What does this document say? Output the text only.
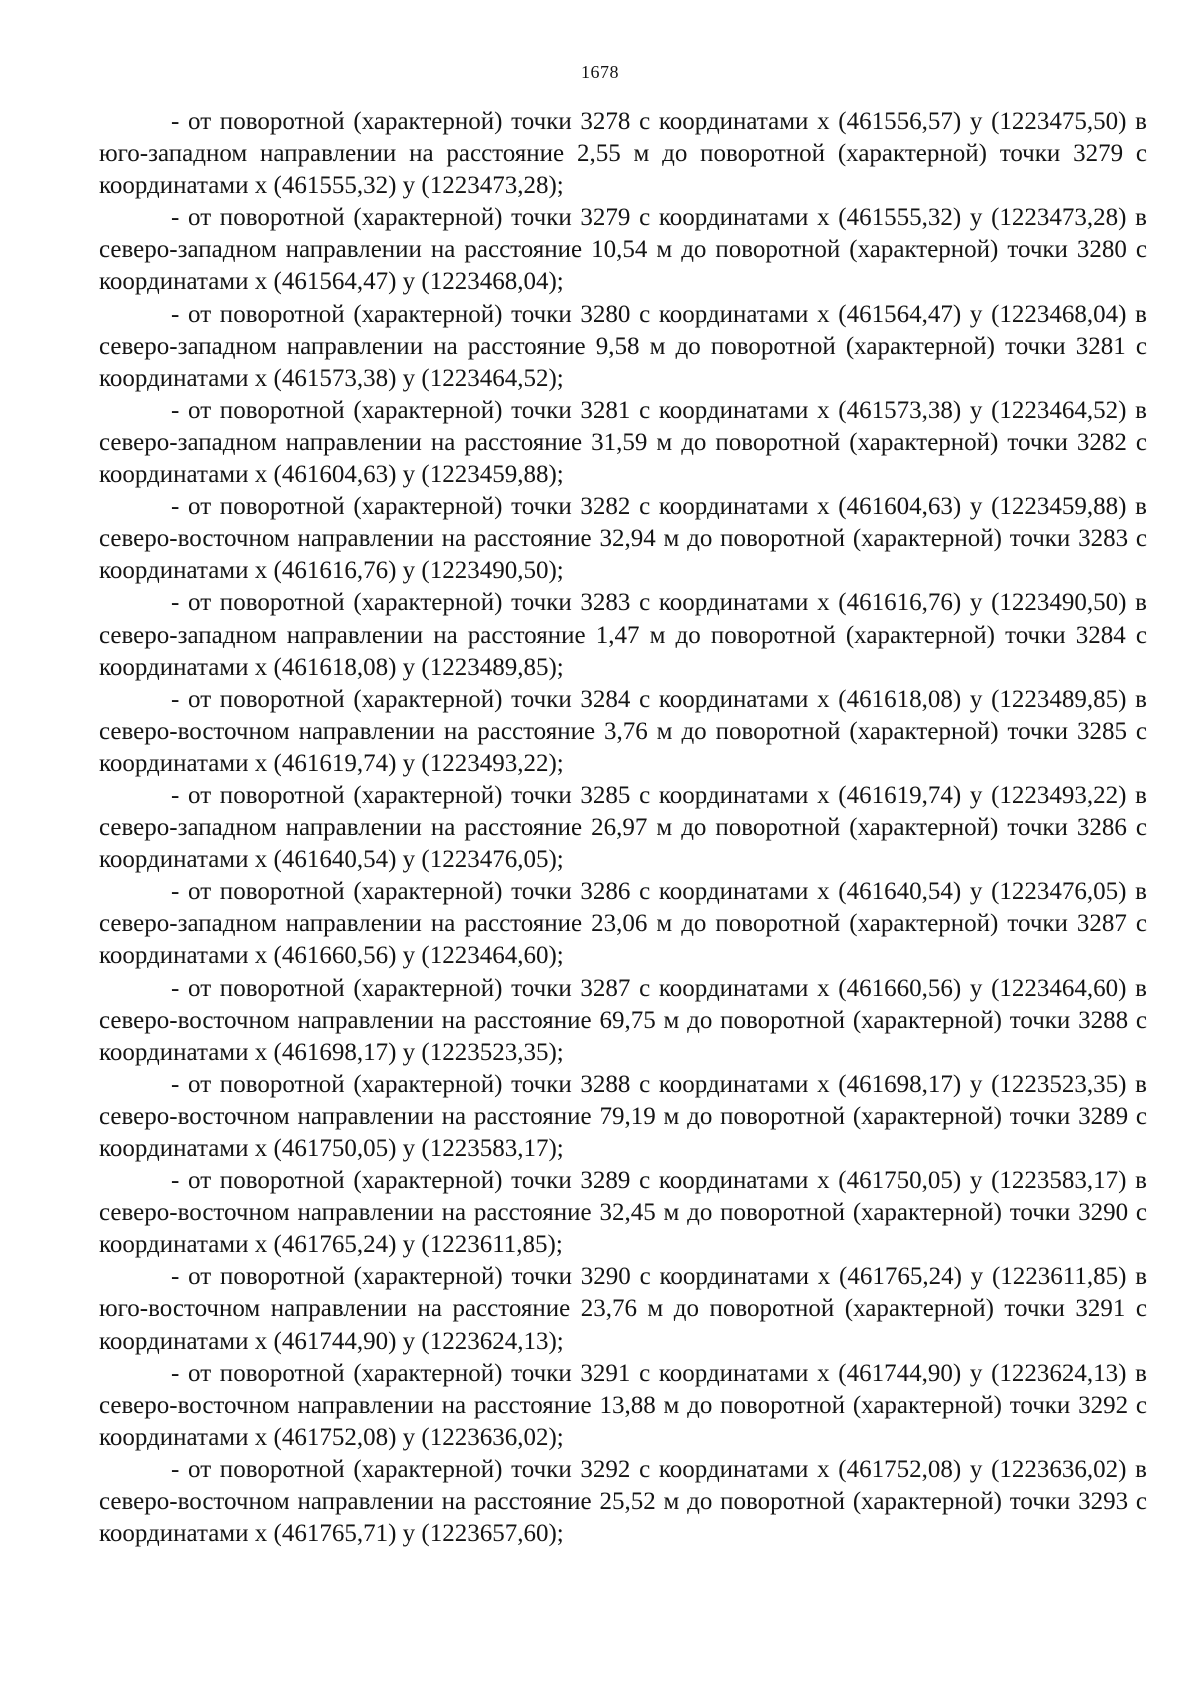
1678

- от поворотной (характерной) точки 3278 с координатами x (461556,57) y (1223475,50) в юго-западном направлении на расстояние 2,55 м до поворотной (характерной) точки 3279 с координатами x (461555,32) y (1223473,28);

- от поворотной (характерной) точки 3279 с координатами x (461555,32) y (1223473,28) в северо-западном направлении на расстояние 10,54 м до поворотной (характерной) точки 3280 с координатами x (461564,47) y (1223468,04);

- от поворотной (характерной) точки 3280 с координатами x (461564,47) y (1223468,04) в северо-западном направлении на расстояние 9,58 м до поворотной (характерной) точки 3281 с координатами x (461573,38) y (1223464,52);

- от поворотной (характерной) точки 3281 с координатами x (461573,38) y (1223464,52) в северо-западном направлении на расстояние 31,59 м до поворотной (характерной) точки 3282 с координатами x (461604,63) y (1223459,88);

- от поворотной (характерной) точки 3282 с координатами x (461604,63) y (1223459,88) в северо-восточном направлении на расстояние 32,94 м до поворотной (характерной) точки 3283 с координатами x (461616,76) y (1223490,50);

- от поворотной (характерной) точки 3283 с координатами x (461616,76) y (1223490,50) в северо-западном направлении на расстояние 1,47 м до поворотной (характерной) точки 3284 с координатами x (461618,08) y (1223489,85);

- от поворотной (характерной) точки 3284 с координатами x (461618,08) y (1223489,85) в северо-восточном направлении на расстояние 3,76 м до поворотной (характерной) точки 3285 с координатами x (461619,74) y (1223493,22);

- от поворотной (характерной) точки 3285 с координатами x (461619,74) y (1223493,22) в северо-западном направлении на расстояние 26,97 м до поворотной (характерной) точки 3286 с координатами x (461640,54) y (1223476,05);

- от поворотной (характерной) точки 3286 с координатами x (461640,54) y (1223476,05) в северо-западном направлении на расстояние 23,06 м до поворотной (характерной) точки 3287 с координатами x (461660,56) y (1223464,60);

- от поворотной (характерной) точки 3287 с координатами x (461660,56) y (1223464,60) в северо-восточном направлении на расстояние 69,75 м до поворотной (характерной) точки 3288 с координатами x (461698,17) y (1223523,35);

- от поворотной (характерной) точки 3288 с координатами x (461698,17) y (1223523,35) в северо-восточном направлении на расстояние 79,19 м до поворотной (характерной) точки 3289 с координатами x (461750,05) y (1223583,17);

- от поворотной (характерной) точки 3289 с координатами x (461750,05) y (1223583,17) в северо-восточном направлении на расстояние 32,45 м до поворотной (характерной) точки 3290 с координатами x (461765,24) y (1223611,85);

- от поворотной (характерной) точки 3290 с координатами x (461765,24) y (1223611,85) в юго-восточном направлении на расстояние 23,76 м до поворотной (характерной) точки 3291 с координатами x (461744,90) y (1223624,13);

- от поворотной (характерной) точки 3291 с координатами x (461744,90) y (1223624,13) в северо-восточном направлении на расстояние 13,88 м до поворотной (характерной) точки 3292 с координатами x (461752,08) y (1223636,02);

- от поворотной (характерной) точки 3292 с координатами x (461752,08) y (1223636,02) в северо-восточном направлении на расстояние 25,52 м до поворотной (характерной) точки 3293 с координатами x (461765,71) y (1223657,60);
